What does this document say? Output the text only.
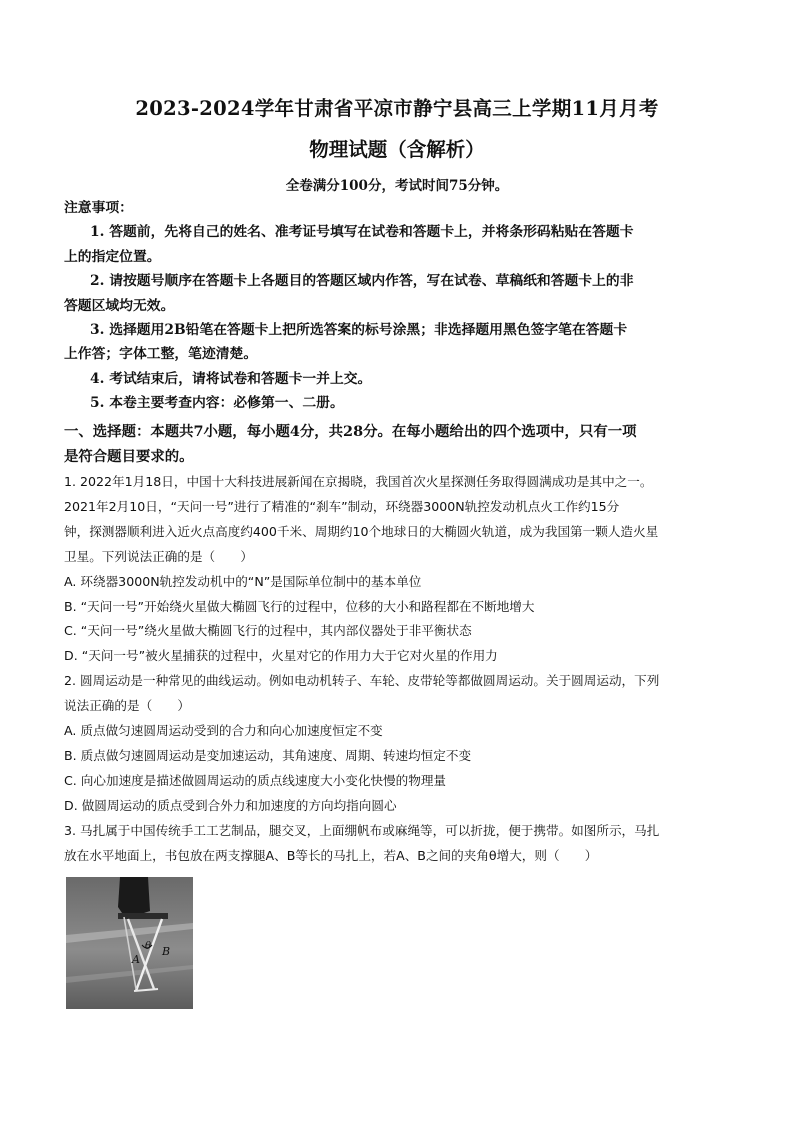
2023-2024学年甘肃省平凉市静宁县高三上学期11月月考
物理试题（含解析）
全卷满分100分，考试时间75分钟。

注意事项：

1. 答题前，先将自己的姓名、准考证号填写在试卷和答题卡上，并将条形码粘贴在答题卡

上的指定位置。

2. 请按题号顺序在答题卡上各题目的答题区域内作答，写在试卷、草稿纸和答题卡上的非

答题区域均无效。

3. 选择题用2B铅笔在答题卡上把所选答案的标号涂黑；非选择题用黑色签字笔在答题卡

上作答；字体工整，笔迹清楚。

4. 考试结束后，请将试卷和答题卡一并上交。

5. 本卷主要考查内容：必修第一、二册。

一、选择题：本题共7小题，每小题4分，共28分。在每小题给出的四个选项中，只有一项
是符合题目要求的。

1. 2022年1月18日，中国十大科技进展新闻在京揭晓，我国首次火星探测任务取得圆满成功是其中之一。

2021年2月10日，“天问一号”进行了精准的“刹车”制动，环绕器3000N轨控发动机点火工作约15分

钟，探测器顺利进入近火点高度约400千米、周期约10个地球日的大椭圆火轨道，成为我国第一颗人造火星

卫星。下列说法正确的是（　　）

A. 环绕器3000N轨控发动机中的“N”是国际单位制中的基本单位

B. “天问一号”开始绕火星做大椭圆飞行的过程中，位移的大小和路程都在不断地增大

C. “天问一号”绕火星做大椭圆飞行的过程中，其内部仪器处于非平衡状态

D. “天问一号”被火星捕获的过程中，火星对它的作用力大于它对火星的作用力

2. 圆周运动是一种常见的曲线运动。例如电动机转子、车轮、皮带轮等都做圆周运动。关于圆周运动，下列

说法正确的是（　　）

A. 质点做匀速圆周运动受到的合力和向心加速度恒定不变

B. 质点做匀速圆周运动是变加速运动，其角速度、周期、转速均恒定不变

C. 向心加速度是描述做圆周运动的质点线速度大小变化快慢的物理量

D. 做圆周运动的质点受到合外力和加速度的方向均指向圆心

3. 马扎属于中国传统手工工艺制品，腿交叉，上面绷帆布或麻绳等，可以折拢，便于携带。如图所示，马扎

放在水平地面上，书包放在两支撑腿A、B等长的马扎上，若A、B之间的夹角θ增大，则（　　）

θ
A
B
